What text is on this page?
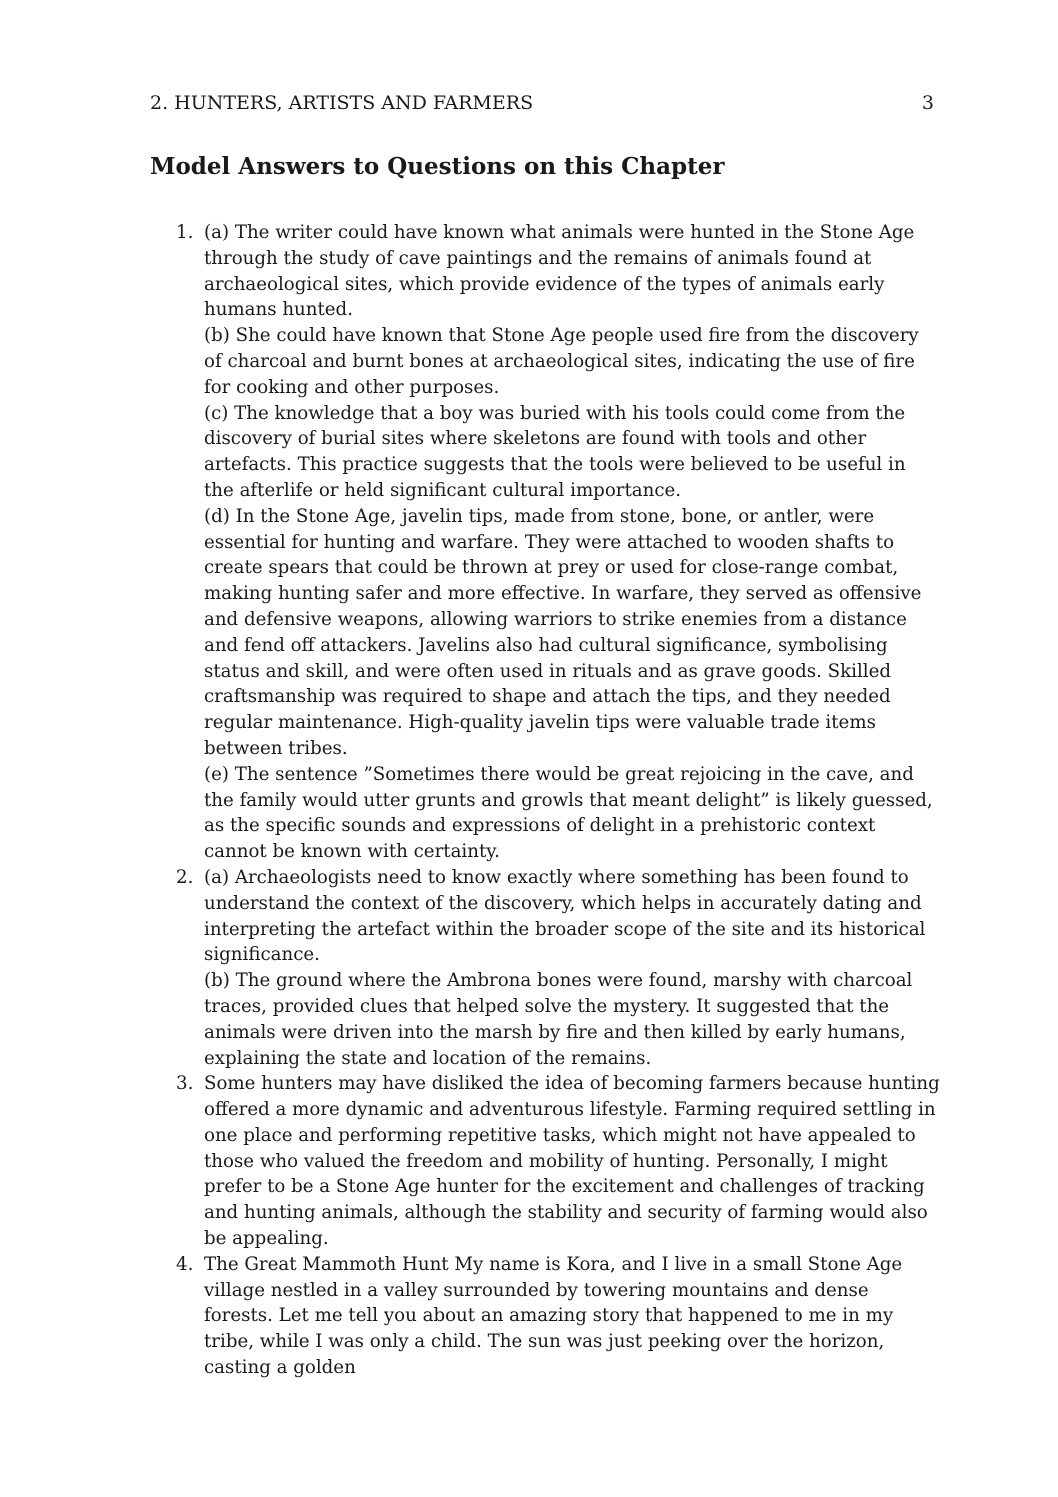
2. HUNTERS, ARTISTS AND FARMERS	3
Model Answers to Questions on this Chapter
1. (a) The writer could have known what animals were hunted in the Stone Age through the study of cave paintings and the remains of animals found at archaeological sites, which provide evidence of the types of animals early humans hunted.

(b) She could have known that Stone Age people used fire from the discovery of charcoal and burnt bones at archaeological sites, indicating the use of fire for cooking and other purposes.

(c) The knowledge that a boy was buried with his tools could come from the discovery of burial sites where skeletons are found with tools and other artefacts. This practice suggests that the tools were believed to be useful in the afterlife or held significant cultural importance.

(d) In the Stone Age, javelin tips, made from stone, bone, or antler, were essential for hunting and warfare. They were attached to wooden shafts to create spears that could be thrown at prey or used for close-range combat, making hunting safer and more effective. In warfare, they served as offensive and defensive weapons, allowing warriors to strike enemies from a distance and fend off attackers. Javelins also had cultural significance, symbolising status and skill, and were often used in rituals and as grave goods. Skilled craftsmanship was required to shape and attach the tips, and they needed regular maintenance. High-quality javelin tips were valuable trade items between tribes.

(e) The sentence ”Sometimes there would be great rejoicing in the cave, and the family would utter grunts and growls that meant delight” is likely guessed, as the specific sounds and expressions of delight in a prehistoric context cannot be known with certainty.

2. (a) Archaeologists need to know exactly where something has been found to understand the context of the discovery, which helps in accurately dating and interpreting the artefact within the broader scope of the site and its historical significance.

(b) The ground where the Ambrona bones were found, marshy with charcoal traces, provided clues that helped solve the mystery. It suggested that the animals were driven into the marsh by fire and then killed by early humans, explaining the state and location of the remains.

3. Some hunters may have disliked the idea of becoming farmers because hunting offered a more dynamic and adventurous lifestyle. Farming required settling in one place and performing repetitive tasks, which might not have appealed to those who valued the freedom and mobility of hunting. Personally, I might prefer to be a Stone Age hunter for the excitement and challenges of tracking and hunting animals, although the stability and security of farming would also be appealing.

4. The Great Mammoth Hunt My name is Kora, and I live in a small Stone Age village nestled in a valley surrounded by towering mountains and dense forests. Let me tell you about an amazing story that happened to me in my tribe, while I was only a child. The sun was just peeking over the horizon, casting a golden
